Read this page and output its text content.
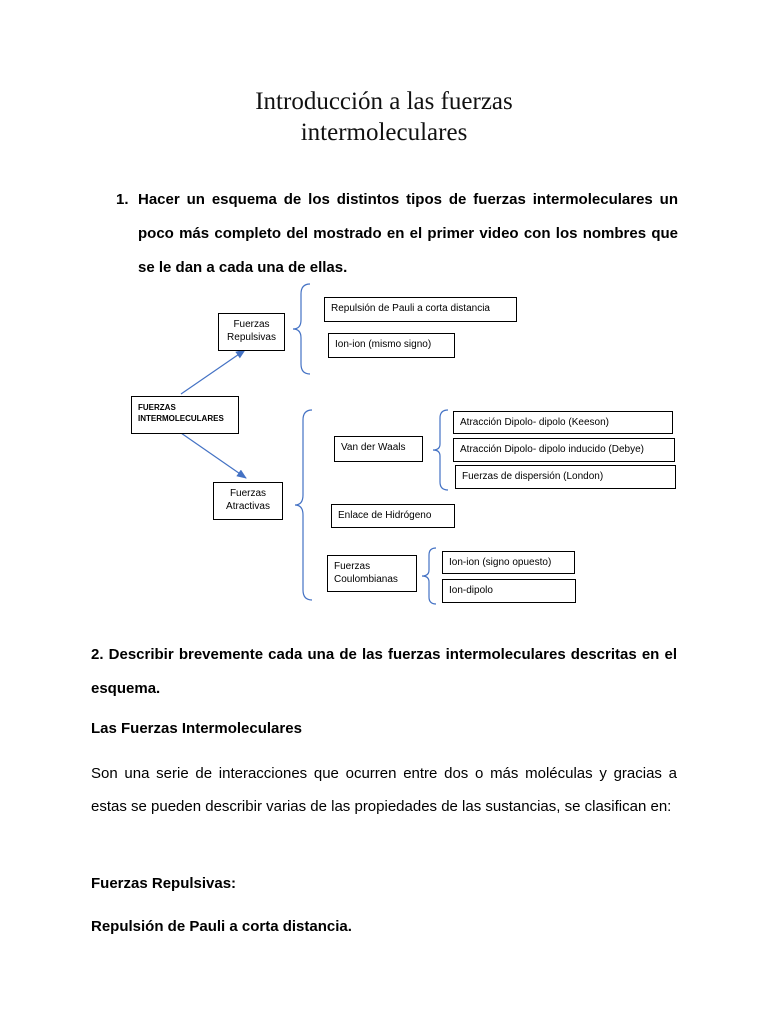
Introducción a las fuerzas
intermoleculares
1. Hacer un esquema de los distintos tipos de fuerzas intermoleculares un poco más completo del mostrado en el primer video con los nombres que se le dan a cada una de ellas.
FUERZAS
INTERMOLECULARES
Fuerzas
Repulsivas
Fuerzas
Atractivas
Repulsión de Pauli a corta distancia
Ion-ion (mismo signo)
Van der Waals
Atracción Dipolo- dipolo (Keeson)
Atracción Dipolo- dipolo inducido (Debye)
Fuerzas de dispersión (London)
Enlace de Hidrógeno
Fuerzas
Coulombianas
Ion-ion (signo opuesto)
Ion-dipolo
2. Describir brevemente cada una de las fuerzas intermoleculares descritas en el esquema.
Las Fuerzas Intermoleculares
Son una serie de interacciones que ocurren entre dos o más moléculas y gracias a estas se pueden describir varias de las propiedades de las sustancias, se clasifican en:
Fuerzas Repulsivas:
Repulsión de Pauli a corta distancia.
